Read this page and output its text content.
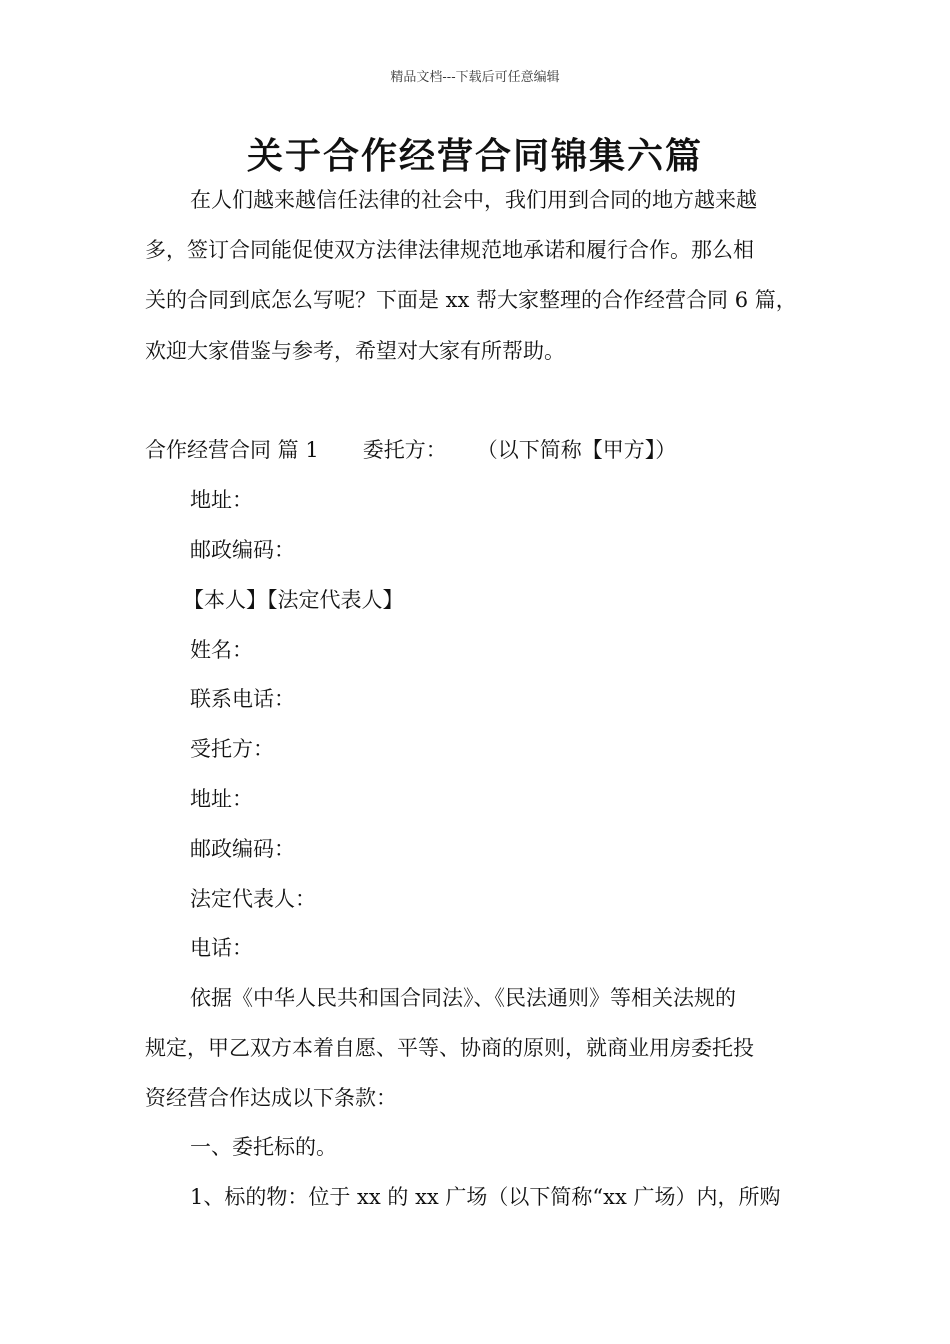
精品文档---下载后可任意编辑
关于合作经营合同锦集六篇
在人们越来越信任法律的社会中，我们用到合同的地方越来越
多，签订合同能促使双方法律法律规范地承诺和履行合作。那么相
关的合同到底怎么写呢？下面是 xx 帮大家整理的合作经营合同 6 篇，
欢迎大家借鉴与参考，希望对大家有所帮助。
合作经营合同 篇 1 委托方： （以下简称【甲方】）
地址：
邮政编码：
【本人】【法定代表人】
姓名：
联系电话：
受托方：
地址：
邮政编码：
法定代表人：
电话：
依据《中华人民共和国合同法》、《民法通则》等相关法规的
规定，甲乙双方本着自愿、平等、协商的原则，就商业用房委托投
资经营合作达成以下条款：
一、委托标的。
1、标的物：位于 xx 的 xx 广场（以下简称“xx 广场）内，所购
